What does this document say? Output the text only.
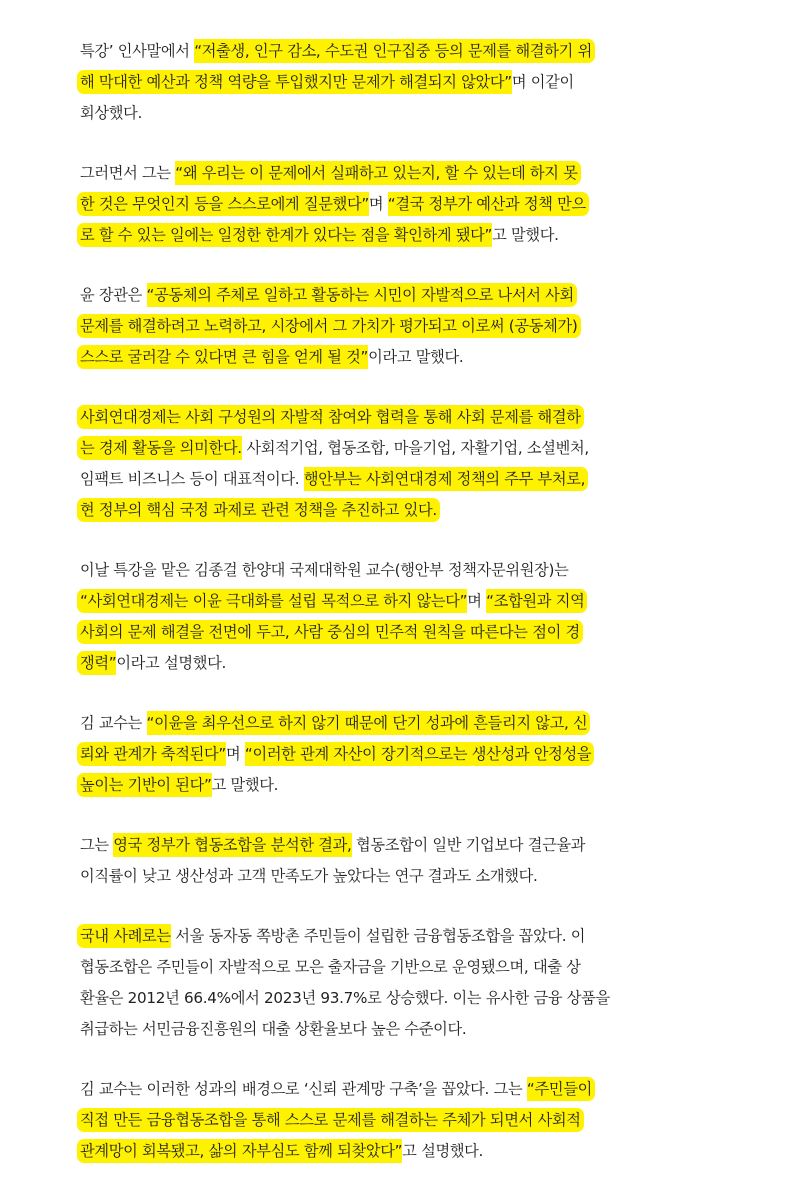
특강’ 인사말에서 “저출생, 인구 감소, 수도권 인구집중 등의 문제를 해결하기 위
해 막대한 예산과 정책 역량을 투입했지만 문제가 해결되지 않았다”며 이같이
회상했다.
그러면서 그는 “왜 우리는 이 문제에서 실패하고 있는지, 할 수 있는데 하지 못
한 것은 무엇인지 등을 스스로에게 질문했다”며 “결국 정부가 예산과 정책 만으
로 할 수 있는 일에는 일정한 한계가 있다는 점을 확인하게 됐다”고 말했다.
윤 장관은 “공동체의 주체로 일하고 활동하는 시민이 자발적으로 나서서 사회
문제를 해결하려고 노력하고, 시장에서 그 가치가 평가되고 이로써 (공동체가)
스스로 굴러갈 수 있다면 큰 힘을 얻게 될 것”이라고 말했다.
사회연대경제는 사회 구성원의 자발적 참여와 협력을 통해 사회 문제를 해결하
는 경제 활동을 의미한다. 사회적기업, 협동조합, 마을기업, 자활기업, 소셜벤처,
임팩트 비즈니스 등이 대표적이다. 행안부는 사회연대경제 정책의 주무 부처로,
현 정부의 핵심 국정 과제로 관련 정책을 추진하고 있다.
이날 특강을 맡은 김종걸 한양대 국제대학원 교수(행안부 정책자문위원장)는
“사회연대경제는 이윤 극대화를 설립 목적으로 하지 않는다”며 “조합원과 지역
사회의 문제 해결을 전면에 두고, 사람 중심의 민주적 원칙을 따른다는 점이 경
쟁력”이라고 설명했다.
김 교수는 “이윤을 최우선으로 하지 않기 때문에 단기 성과에 흔들리지 않고, 신
뢰와 관계가 축적된다”며 “이러한 관계 자산이 장기적으로는 생산성과 안정성을
높이는 기반이 된다”고 말했다.
그는 영국 정부가 협동조합을 분석한 결과, 협동조합이 일반 기업보다 결근율과
이직률이 낮고 생산성과 고객 만족도가 높았다는 연구 결과도 소개했다.
국내 사례로는 서울 동자동 쪽방촌 주민들이 설립한 금융협동조합을 꼽았다. 이
협동조합은 주민들이 자발적으로 모은 출자금을 기반으로 운영됐으며, 대출 상
환율은 2012년 66.4%에서 2023년 93.7%로 상승했다. 이는 유사한 금융 상품을
취급하는 서민금융진흥원의 대출 상환율보다 높은 수준이다.
김 교수는 이러한 성과의 배경으로 ‘신뢰 관계망 구축’을 꼽았다. 그는 “주민들이
직접 만든 금융협동조합을 통해 스스로 문제를 해결하는 주체가 되면서 사회적
관계망이 회복됐고, 삶의 자부심도 함께 되찾았다”고 설명했다.
